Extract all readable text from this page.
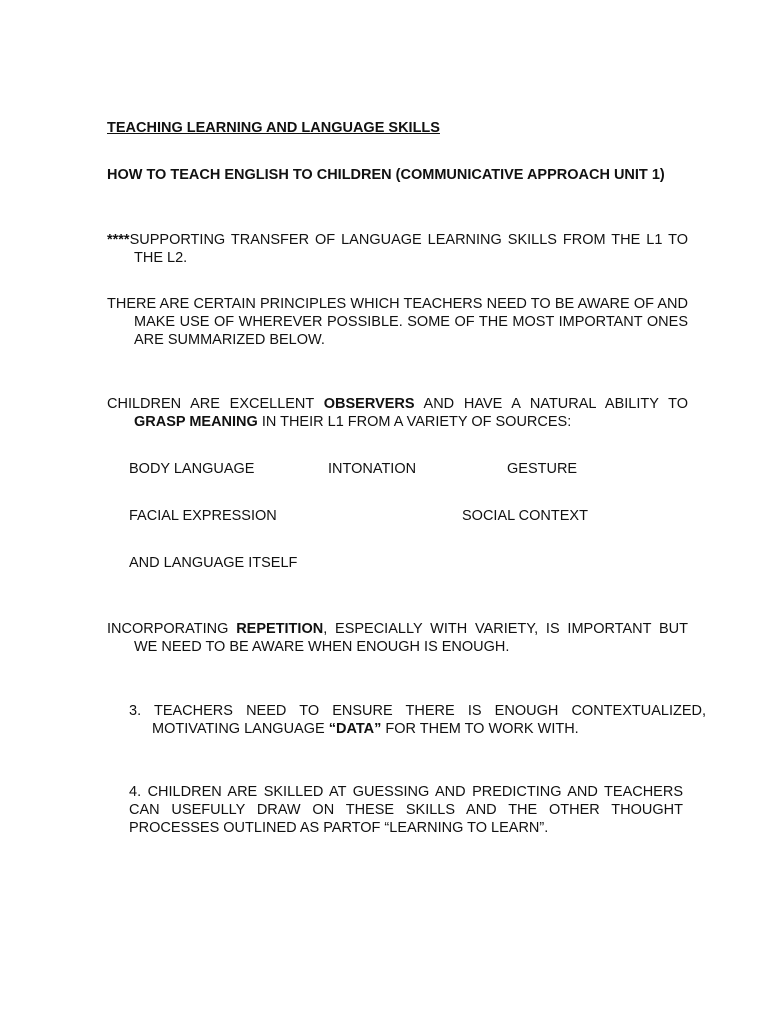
TEACHING LEARNING AND LANGUAGE SKILLS

HOW TO TEACH ENGLISH TO CHILDREN (COMMUNICATIVE APPROACH UNIT 1)

****SUPPORTING TRANSFER OF LANGUAGE LEARNING SKILLS FROM THE L1 TO THE L2.

THERE ARE CERTAIN PRINCIPLES WHICH TEACHERS NEED TO BE AWARE OF AND MAKE USE OF WHEREVER POSSIBLE. SOME OF THE MOST IMPORTANT ONES ARE SUMMARIZED BELOW.

CHILDREN ARE EXCELLENT OBSERVERS AND HAVE A NATURAL ABILITY TO GRASP MEANING IN THEIR L1 FROM A VARIETY OF SOURCES:

BODY LANGUAGE	INTONATION	GESTURE
FACIAL EXPRESSION	SOCIAL CONTEXT
AND LANGUAGE ITSELF

INCORPORATING REPETITION, ESPECIALLY WITH VARIETY, IS IMPORTANT BUT WE NEED TO BE AWARE WHEN ENOUGH IS ENOUGH.

3. TEACHERS NEED TO ENSURE THERE IS ENOUGH CONTEXTUALIZED, MOTIVATING LANGUAGE “DATA” FOR THEM TO WORK WITH.

4. CHILDREN ARE SKILLED AT GUESSING AND PREDICTING AND TEACHERS CAN USEFULLY DRAW ON THESE SKILLS AND THE OTHER THOUGHT PROCESSES OUTLINED AS PARTOF “LEARNING TO LEARN”.
